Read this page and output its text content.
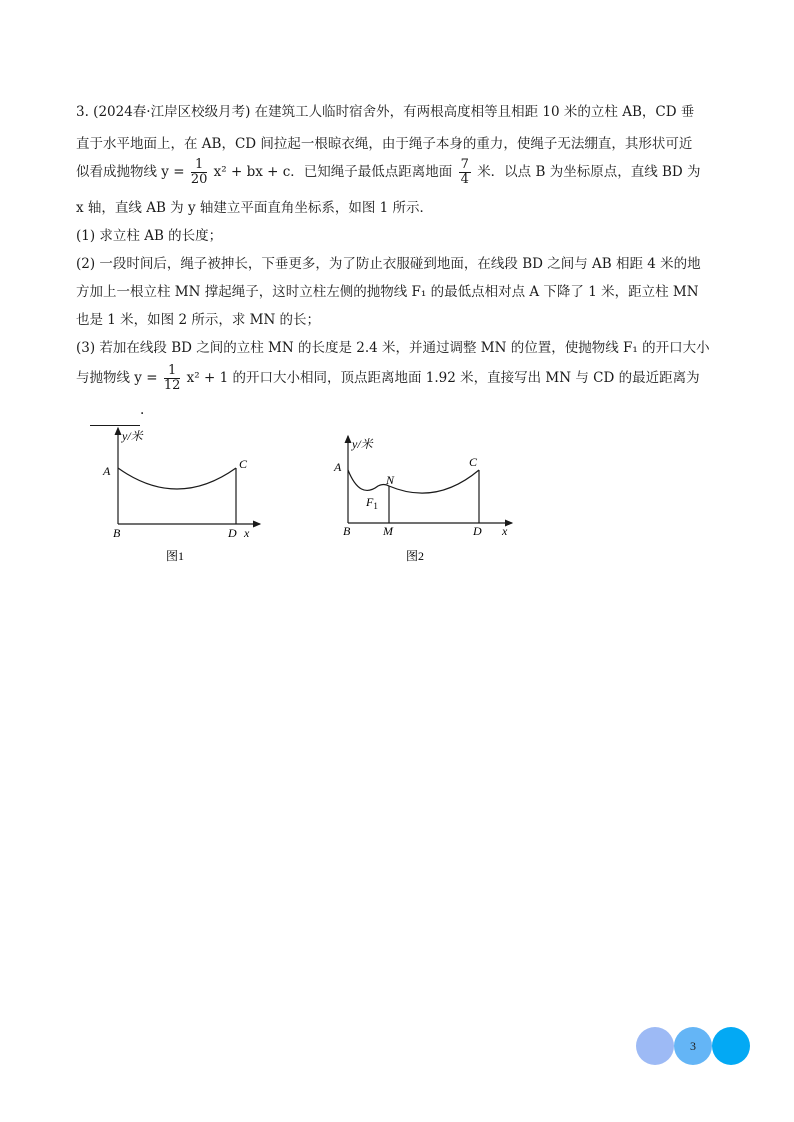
3. (2024春·江岸区校级月考) 在建筑工人临时宿舍外，有两根高度相等且相距 10 米的立柱 AB，CD 垂
直于水平地面上，在 AB，CD 间拉起一根晾衣绳，由于绳子本身的重力，使绳子无法绷直，其形状可近
似看成抛物线 $y = \frac{1}{20} x^2$ + bx + c．已知绳子最低点距离地面 $\frac{7}{4}$ 米．以点 B 为坐标原点，直线 BD 为
x 轴，直线 AB 为 y 轴建立平面直角坐标系，如图 1 所示．
(1) 求立柱 AB 的长度；
(2) 一段时间后，绳子被抻长，下垂更多，为了防止衣服碰到地面，在线段 BD 之间与 AB 相距 4 米的地
方加上一根立柱 MN 撑起绳子，这时立柱左侧的抛物线 F₁ 的最低点相对点 A 下降了 1 米，距立柱 MN
也是 1 米，如图 2 所示，求 MN 的长；
(3) 若加在线段 BD 之间的立柱 MN 的长度是 2.4 米，并通过调整 MN 的位置，使抛物线 F₁ 的开口大小
与抛物线 $y = \frac{1}{12} x^2 + 1$ 的开口大小相同，顶点距离地面 1.92 米，直接写出 MN 与 CD 的最近距离为
.
y/米
A
B
C
D x
图1
y/米
A
N
C
$F_1$
B	M	D x
图2
3
